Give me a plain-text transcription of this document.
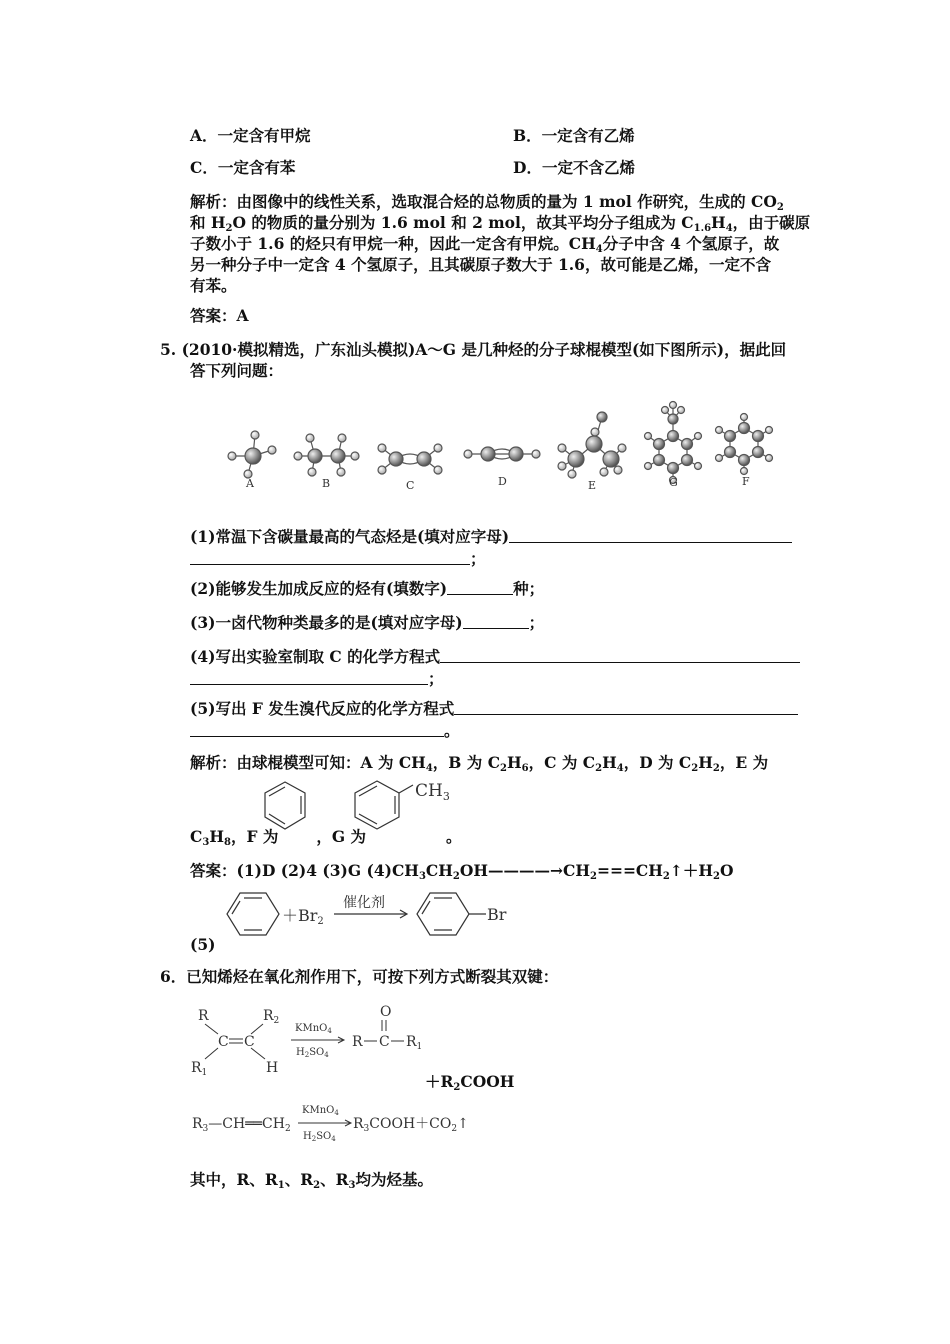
A．一定含有甲烷	B．一定含有乙烯
C．一定含有苯	D．一定不含乙烯
解析：由图像中的线性关系，选取混合烃的总物质的量为 1 mol 作研究，生成的 $CO_2$
和 $H_2O$ 的物质的量分别为 1.6 mol 和 2 mol，故其平均分子组成为 $C_{1.6}H_4$，由于碳原
子数小于 1.6 的烃只有甲烷一种，因此一定含有甲烷。$CH_4$分子中含 4 个氢原子，故
另一种分子中一定含 4 个氢原子，且其碳原子数大于 1.6，故可能是乙烯，一定不含
有苯。
答案：A
5. (2010·模拟精选，广东汕头模拟)A～G 是几种烃的分子球棍模型(如下图所示)，据此回
答下列问题：
A	B	C	D	E	G	F
(1)常温下含碳量最高的气态烃是(填对应字母)
；
(2)能够发生加成反应的烃有(填数字)	种；
(3)一卤代物种类最多的是(填对应字母)	；
(4)写出实验室制取 C 的化学方程式
；
(5)写出 F 发生溴代反应的化学方程式
。
解析：由球棍模型可知：A 为 $CH_4$，B 为 $C_2H_6$，C 为 $C_2H_4$，D 为 $C_2H_2$，E 为
$CH_3$
$C_3H_8$，F 为 ，G 为	。
答案：(1)D (2)4 (3)G $(4)CH_3CH_2OH————\to CH_2===CH_2↑+H_2O$
＋Br2
催化剂
Br
(5)
6．已知烯烃在氧化剂作用下，可按下列方式断裂其双键：
R	$R_2$
C C
$R_1$	H
R
O
C $R_1$
KMnO$_4$
$H_2SO_4$
$+R_2COOH$
$R_3—CH══CH_2$	$R_3COOH+CO_2↑$
KMnO$_4$
$H_2SO_4$
其中，R、$R_1$、$R_2$、$R_3$均为烃基。
